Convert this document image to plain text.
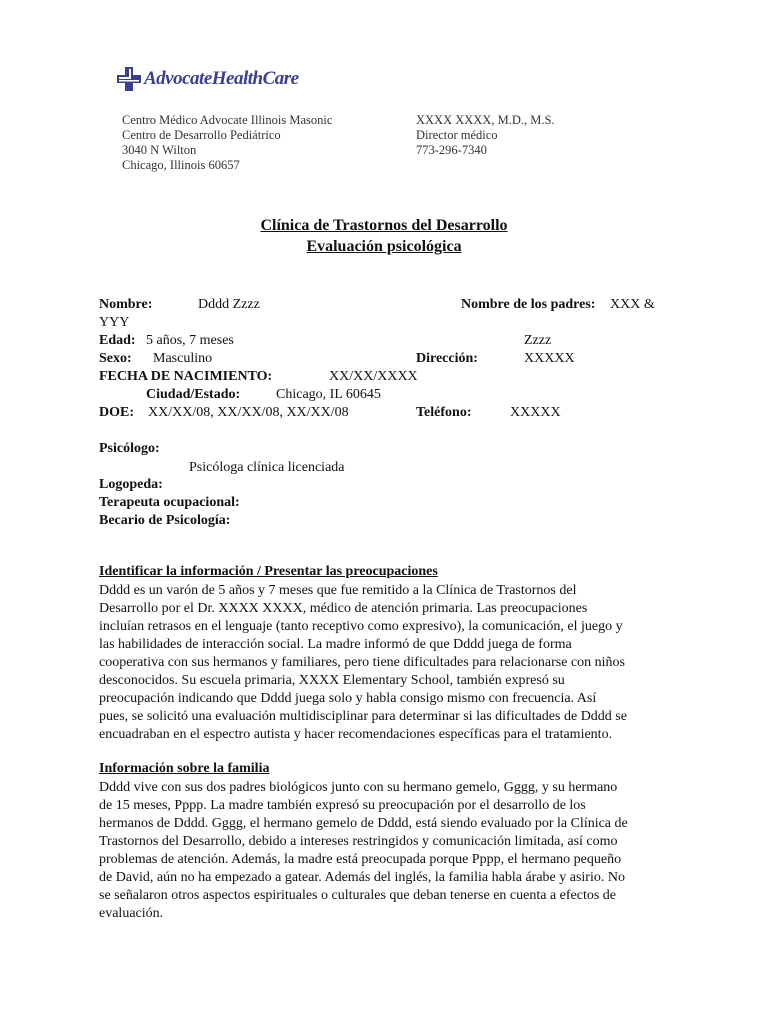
AdvocateHealthCare
Centro Médico Advocate Illinois Masonic
Centro de Desarrollo Pediátrico
3040 N Wilton
Chicago, Illinois 60657
XXXX XXXX, M.D., M.S.
Director médico
773-296-7340
Clínica de Trastornos del Desarrollo
Evaluación psicológica
Nombre:	Dddd Zzzz	Nombre de los padres: XXX &
YYY
Edad: 5 años, 7 meses	Zzzz
Sexo: Masculino	Dirección:	XXXXX
FECHA DE NACIMIENTO:	XX/XX/XXXX
Ciudad/Estado:	Chicago, IL 60645
DOE: XX/XX/08, XX/XX/08, XX/XX/08	Teléfono:	XXXXX
Psicólogo:
Psicóloga clínica licenciada
Logopeda:
Terapeuta ocupacional:
Becario de Psicología:
Identificar la información / Presentar las preocupaciones
Dddd es un varón de 5 años y 7 meses que fue remitido a la Clínica de Trastornos del
Desarrollo por el Dr. XXXX XXXX, médico de atención primaria. Las preocupaciones
incluían retrasos en el lenguaje (tanto receptivo como expresivo), la comunicación, el juego y
las habilidades de interacción social. La madre informó de que Dddd juega de forma
cooperativa con sus hermanos y familiares, pero tiene dificultades para relacionarse con niños
desconocidos. Su escuela primaria, XXXX Elementary School, también expresó su
preocupación indicando que Dddd juega solo y habla consigo mismo con frecuencia. Así
pues, se solicitó una evaluación multidisciplinar para determinar si las dificultades de Dddd se
encuadraban en el espectro autista y hacer recomendaciones específicas para el tratamiento.
Información sobre la familia
Dddd vive con sus dos padres biológicos junto con su hermano gemelo, Gggg, y su hermano
de 15 meses, Pppp. La madre también expresó su preocupación por el desarrollo de los
hermanos de Dddd. Gggg, el hermano gemelo de Dddd, está siendo evaluado por la Clínica de
Trastornos del Desarrollo, debido a intereses restringidos y comunicación limitada, así como
problemas de atención. Además, la madre está preocupada porque Pppp, el hermano pequeño
de David, aún no ha empezado a gatear. Además del inglés, la familia habla árabe y asirio. No
se señalaron otros aspectos espirituales o culturales que deban tenerse en cuenta a efectos de
evaluación.
